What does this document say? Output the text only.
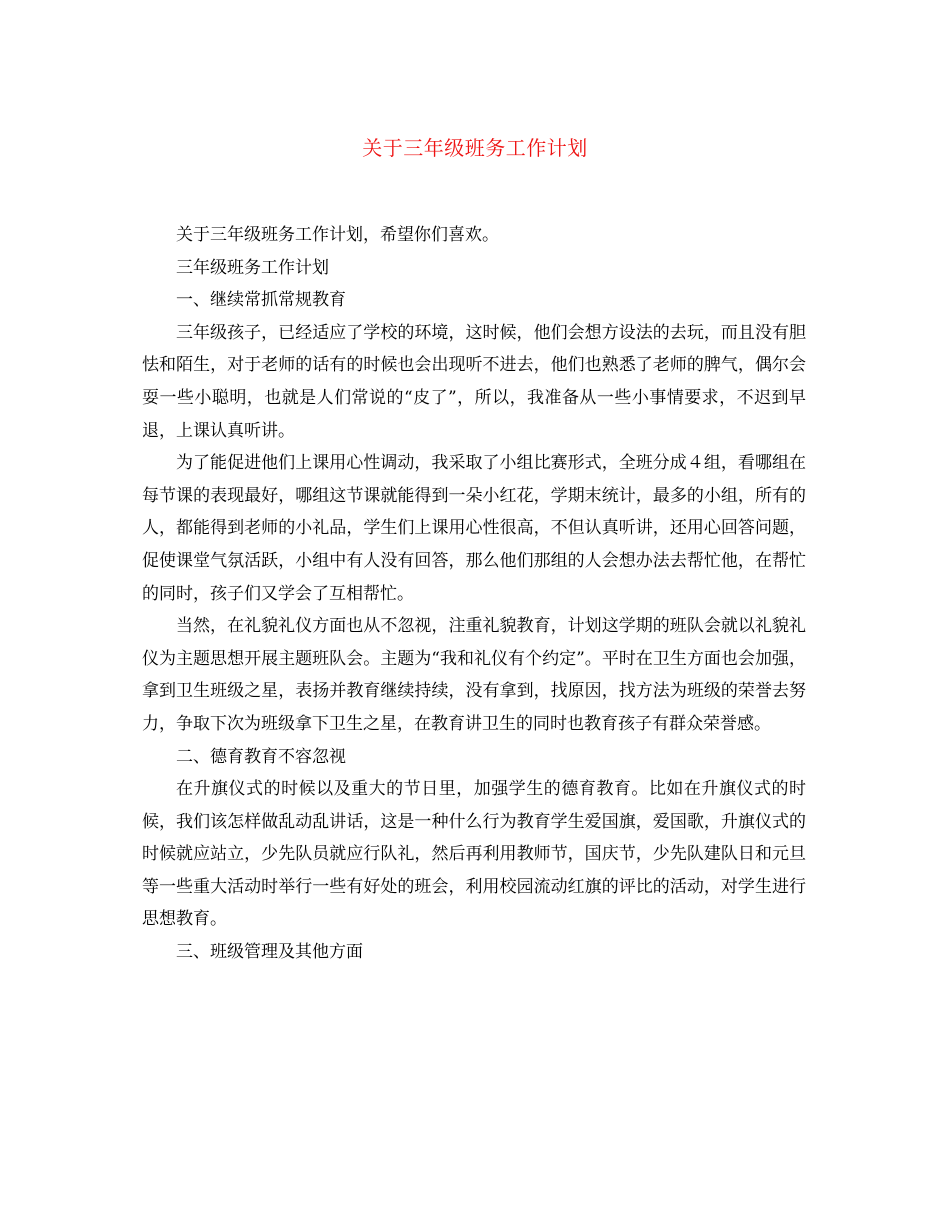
关于三年级班务工作计划

关于三年级班务工作计划，希望你们喜欢。

三年级班务工作计划

一、继续常抓常规教育

三年级孩子，已经适应了学校的环境，这时候，他们会想方设法的去玩，而且没有胆怯和陌生，对于老师的话有的时候也会出现听不进去，他们也熟悉了老师的脾气，偶尔会耍一些小聪明，也就是人们常说的“皮了”，所以，我准备从一些小事情要求，不迟到早退，上课认真听讲。

为了能促进他们上课用心性调动，我采取了小组比赛形式，全班分成４组，看哪组在每节课的表现最好，哪组这节课就能得到一朵小红花，学期末统计，最多的小组，所有的人，都能得到老师的小礼品，学生们上课用心性很高，不但认真听讲，还用心回答问题，促使课堂气氛活跃，小组中有人没有回答，那么他们那组的人会想办法去帮忙他，在帮忙的同时，孩子们又学会了互相帮忙。

当然，在礼貌礼仪方面也从不忽视，注重礼貌教育，计划这学期的班队会就以礼貌礼仪为主题思想开展主题班队会。主题为“我和礼仪有个约定”。平时在卫生方面也会加强，拿到卫生班级之星，表扬并教育继续持续，没有拿到，找原因，找方法为班级的荣誉去努力，争取下次为班级拿下卫生之星，在教育讲卫生的同时也教育孩子有群众荣誉感。

二、德育教育不容忽视

在升旗仪式的时候以及重大的节日里，加强学生的德育教育。比如在升旗仪式的时候，我们该怎样做乱动乱讲话，这是一种什么行为教育学生爱国旗，爱国歌，升旗仪式的时候就应站立，少先队员就应行队礼，然后再利用教师节，国庆节，少先队建队日和元旦等一些重大活动时举行一些有好处的班会，利用校园流动红旗的评比的活动，对学生进行思想教育。

三、班级管理及其他方面
